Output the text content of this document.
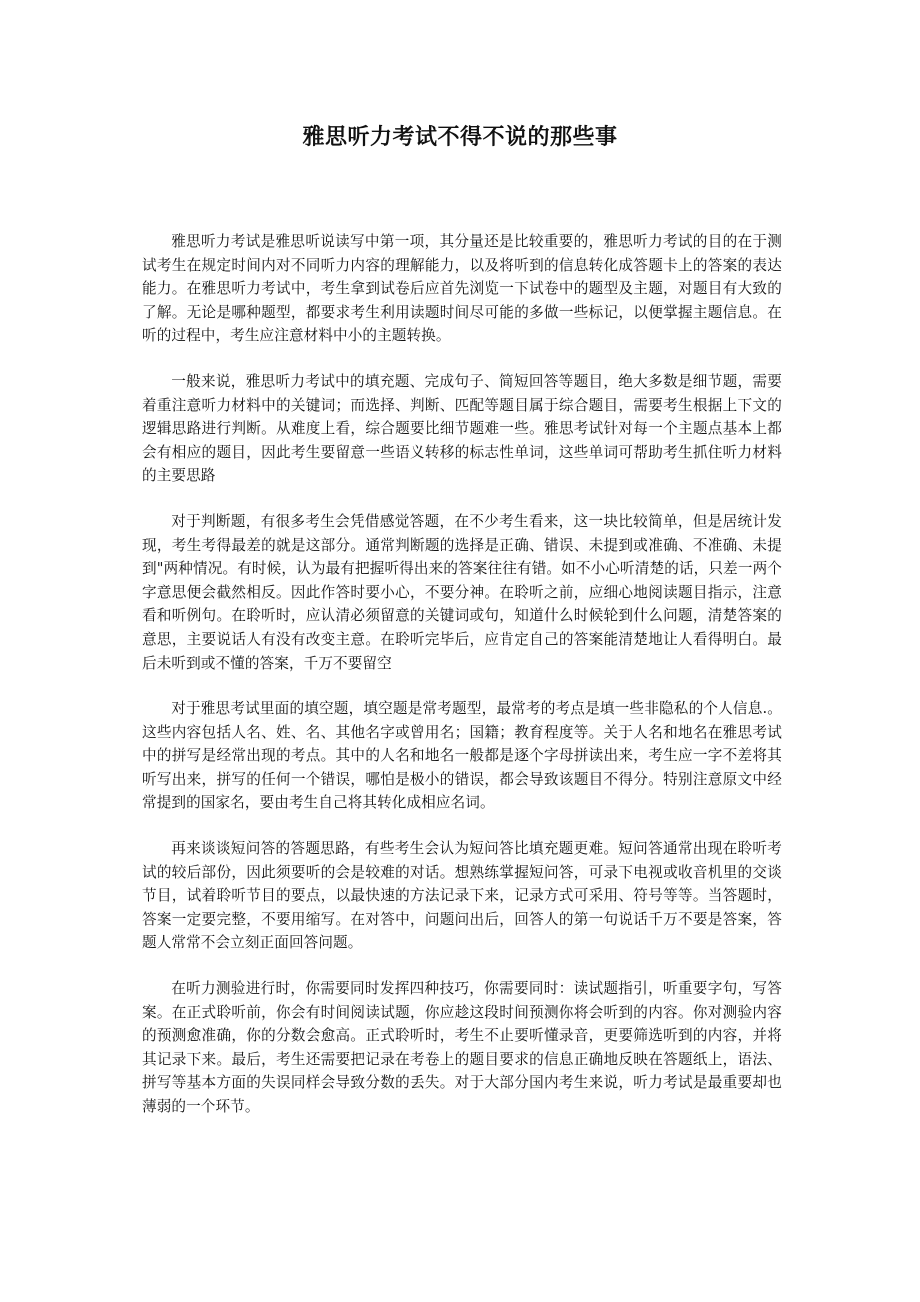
雅思听力考试不得不说的那些事

雅思听力考试是雅思听说读写中第一项，其分量还是比较重要的，雅思听力考试的目的在于测试考生在规定时间内对不同听力内容的理解能力，以及将听到的信息转化成答题卡上的答案的表达能力。在雅思听力考试中，考生拿到试卷后应首先浏览一下试卷中的题型及主题，对题目有大致的了解。无论是哪种题型，都要求考生利用读题时间尽可能的多做一些标记，以便掌握主题信息。在听的过程中，考生应注意材料中小的主题转换。

一般来说，雅思听力考试中的填充题、完成句子、简短回答等题目，绝大多数是细节题，需要着重注意听力材料中的关键词；而选择、判断、匹配等题目属于综合题目，需要考生根据上下文的逻辑思路进行判断。从难度上看，综合题要比细节题难一些。雅思考试针对每一个主题点基本上都会有相应的题目，因此考生要留意一些语义转移的标志性单词，这些单词可帮助考生抓住听力材料的主要思路

对于判断题，有很多考生会凭借感觉答题，在不少考生看来，这一块比较简单，但是居统计发现，考生考得最差的就是这部分。通常判断题的选择是正确、错误、未提到或准确、不准确、未提到"两种情况。有时候，认为最有把握听得出来的答案往往有错。如不小心听清楚的话，只差一两个字意思便会截然相反。因此作答时要小心，不要分神。在聆听之前，应细心地阅读题目指示，注意看和听例句。在聆听时，应认清必须留意的关键词或句，知道什么时候轮到什么问题，清楚答案的意思，主要说话人有没有改变主意。在聆听完毕后，应肯定自己的答案能清楚地让人看得明白。最后未听到或不懂的答案，千万不要留空

对于雅思考试里面的填空题，填空题是常考题型，最常考的考点是填一些非隐私的个人信息.。这些内容包括人名、姓、名、其他名字或曾用名；国籍；教育程度等。关于人名和地名在雅思考试中的拼写是经常出现的考点。其中的人名和地名一般都是逐个字母拼读出来，考生应一字不差将其听写出来，拼写的任何一个错误，哪怕是极小的错误，都会导致该题目不得分。特别注意原文中经常提到的国家名，要由考生自己将其转化成相应名词。

再来谈谈短问答的答题思路，有些考生会认为短问答比填充题更难。短问答通常出现在聆听考试的较后部份，因此须要听的会是较难的对话。想熟练掌握短问答，可录下电视或收音机里的交谈节目，试着聆听节目的要点，以最快速的方法记录下来，记录方式可采用、符号等等。当答题时，答案一定要完整，不要用缩写。在对答中，问题问出后，回答人的第一句说话千万不要是答案，答题人常常不会立刻正面回答问题。

在听力测验进行时，你需要同时发挥四种技巧，你需要同时：读试题指引，听重要字句，写答案。在正式聆听前，你会有时间阅读试题，你应趁这段时间预测你将会听到的内容。你对测验内容的预测愈准确，你的分数会愈高。正式聆听时，考生不止要听懂录音，更要筛选听到的内容，并将其记录下来。最后，考生还需要把记录在考卷上的题目要求的信息正确地反映在答题纸上，语法、拼写等基本方面的失误同样会导致分数的丢失。对于大部分国内考生来说，听力考试是最重要却也薄弱的一个环节。
